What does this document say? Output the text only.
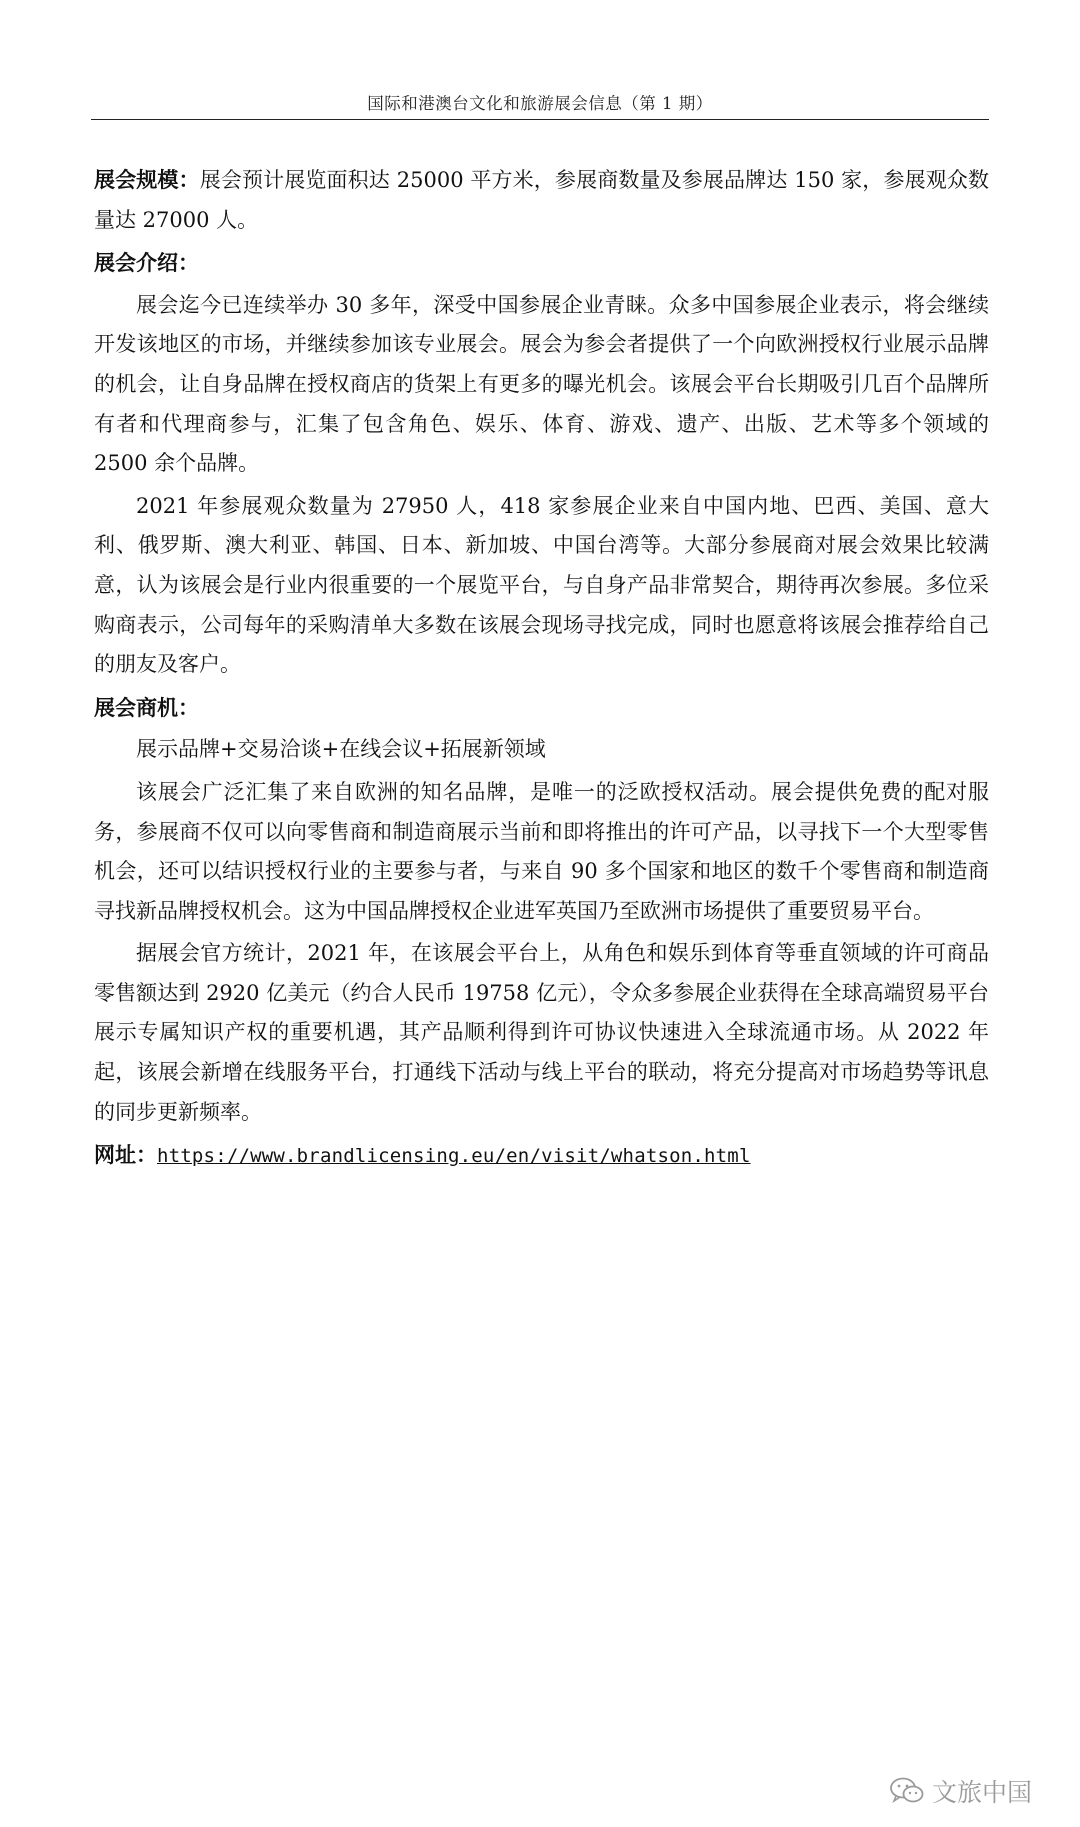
国际和港澳台文化和旅游展会信息（第 1 期）

展会规模：展会预计展览面积达 25000 平方米，参展商数量及参展品牌达 150 家，参展观众数量达 27000 人。

展会介绍：

展会迄今已连续举办 30 多年，深受中国参展企业青睐。众多中国参展企业表示，将会继续开发该地区的市场，并继续参加该专业展会。展会为参会者提供了一个向欧洲授权行业展示品牌的机会，让自身品牌在授权商店的货架上有更多的曝光机会。该展会平台长期吸引几百个品牌所有者和代理商参与，汇集了包含角色、娱乐、体育、游戏、遗产、出版、艺术等多个领域的 2500 余个品牌。

2021 年参展观众数量为 27950 人，418 家参展企业来自中国内地、巴西、美国、意大利、俄罗斯、澳大利亚、韩国、日本、新加坡、中国台湾等。大部分参展商对展会效果比较满意，认为该展会是行业内很重要的一个展览平台，与自身产品非常契合，期待再次参展。多位采购商表示，公司每年的采购清单大多数在该展会现场寻找完成，同时也愿意将该展会推荐给自己的朋友及客户。

展会商机：

展示品牌+交易洽谈+在线会议+拓展新领域

该展会广泛汇集了来自欧洲的知名品牌，是唯一的泛欧授权活动。展会提供免费的配对服务，参展商不仅可以向零售商和制造商展示当前和即将推出的许可产品，以寻找下一个大型零售机会，还可以结识授权行业的主要参与者，与来自 90 多个国家和地区的数千个零售商和制造商寻找新品牌授权机会。这为中国品牌授权企业进军英国乃至欧洲市场提供了重要贸易平台。

据展会官方统计，2021 年，在该展会平台上，从角色和娱乐到体育等垂直领域的许可商品零售额达到 2920 亿美元（约合人民币 19758 亿元），令众多参展企业获得在全球高端贸易平台展示专属知识产权的重要机遇，其产品顺利得到许可协议快速进入全球流通市场。从 2022 年起，该展会新增在线服务平台，打通线下活动与线上平台的联动，将充分提高对市场趋势等讯息的同步更新频率。

网址：https://www.brandlicensing.eu/en/visit/whatson.html

文旅中国
